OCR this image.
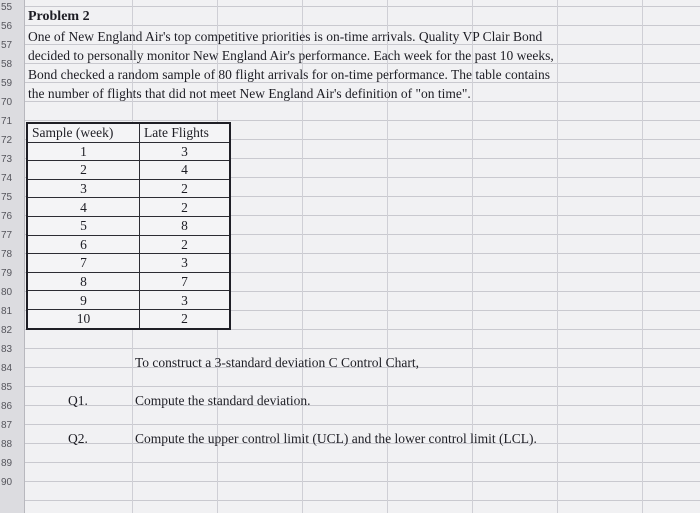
55
56
57
58
59
70
71
72
73
74
75
76
77
78
79
80
81
82
83
84
85
86
87
88
89
90
Problem 2
One of New England Air's top competitive priorities is on-time arrivals. Quality VP Clair Bond
decided to personally monitor New England Air's performance. Each week for the past 10 weeks,
Bond checked a random sample of 80 flight arrivals for on-time performance. The table contains
the number of flights that did not meet New England Air's definition of "on time".
Sample (week)	Late Flights
1	3
2	4
3	2
4	2
5	8
6	2
7	3
8	7
9	3
10	2
To construct a 3-standard deviation C Control Chart,
Q1.	Compute the standard deviation.
Q2.	Compute the upper control limit (UCL) and the lower control limit (LCL).
